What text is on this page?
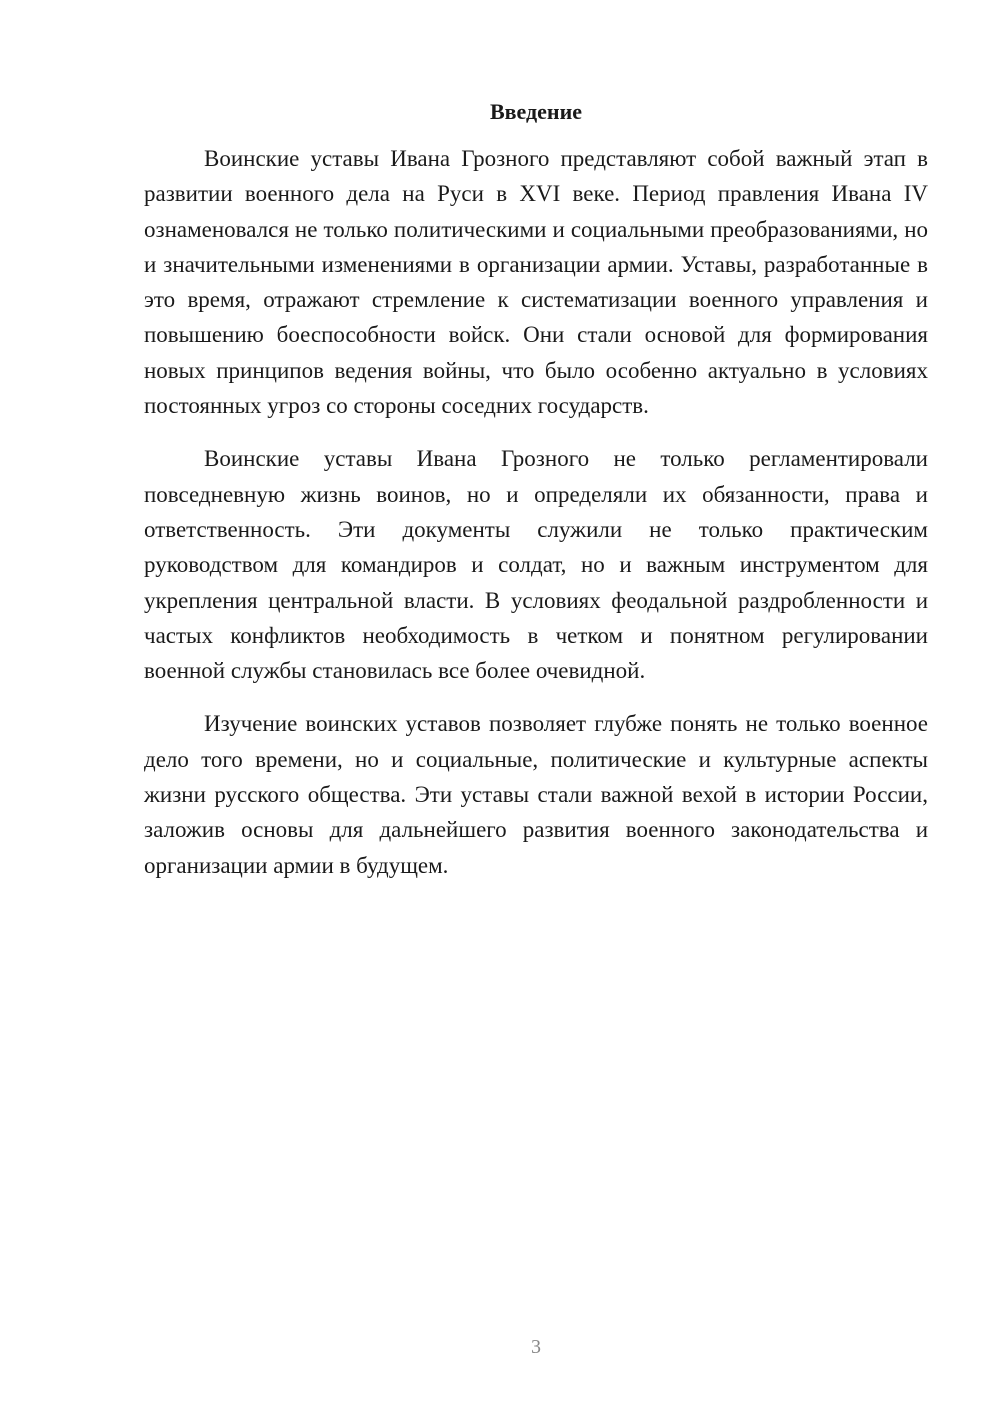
Введение

Воинские уставы Ивана Грозного представляют собой важный этап в развитии военного дела на Руси в XVI веке. Период правления Ивана IV ознаменовался не только политическими и социальными преобразованиями, но и значительными изменениями в организации армии. Уставы, разработанные в это время, отражают стремление к систематизации военного управления и повышению боеспособности войск. Они стали основой для формирования новых принципов ведения войны, что было особенно актуально в условиях постоянных угроз со стороны соседних государств.

Воинские уставы Ивана Грозного не только регламентировали повседневную жизнь воинов, но и определяли их обязанности, права и ответственность. Эти документы служили не только практическим руководством для командиров и солдат, но и важным инструментом для укрепления центральной власти. В условиях феодальной раздробленности и частых конфликтов необходимость в четком и понятном регулировании военной службы становилась все более очевидной.

Изучение воинских уставов позволяет глубже понять не только военное дело того времени, но и социальные, политические и культурные аспекты жизни русского общества. Эти уставы стали важной вехой в истории России, заложив основы для дальнейшего развития военного законодательства и организации армии в будущем.

3
